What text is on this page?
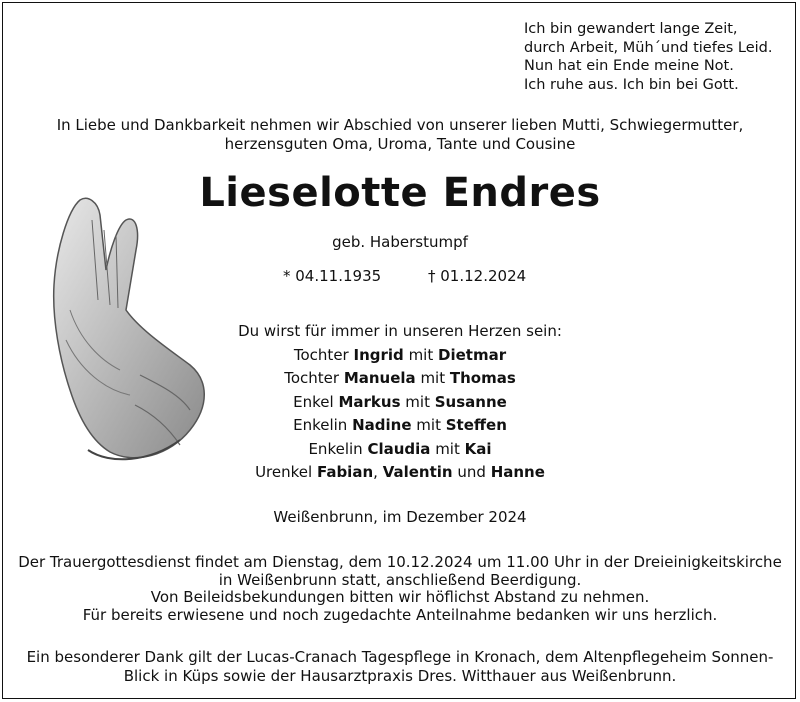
Ich bin gewandert lange Zeit,
durch Arbeit, Müh´und tiefes Leid.
Nun hat ein Ende meine Not.
Ich ruhe aus. Ich bin bei Gott.
In Liebe und Dankbarkeit nehmen wir Abschied von unserer lieben Mutti, Schwiegermutter,
herzensguten Oma, Uroma, Tante und Cousine
Lieselotte Endres
geb. Haberstumpf
* 04.11.1935	† 01.12.2024
Du wirst für immer in unseren Herzen sein:
Tochter Ingrid mit Dietmar
Tochter Manuela mit Thomas
Enkel Markus mit Susanne
Enkelin Nadine mit Steffen
Enkelin Claudia mit Kai
Urenkel Fabian, Valentin und Hanne
Weißenbrunn, im Dezember 2024
Der Trauergottesdienst findet am Dienstag, dem 10.12.2024 um 11.00 Uhr in der Dreieinigkeitskirche
in Weißenbrunn statt, anschließend Beerdigung.
Von Beileidsbekundungen bitten wir höflichst Abstand zu nehmen.
Für bereits erwiesene und noch zugedachte Anteilnahme bedanken wir uns herzlich.
Ein besonderer Dank gilt der Lucas-Cranach Tagespflege in Kronach, dem Altenpflegeheim Sonnen-
Blick in Küps sowie der Hausarztpraxis Dres. Witthauer aus Weißenbrunn.
